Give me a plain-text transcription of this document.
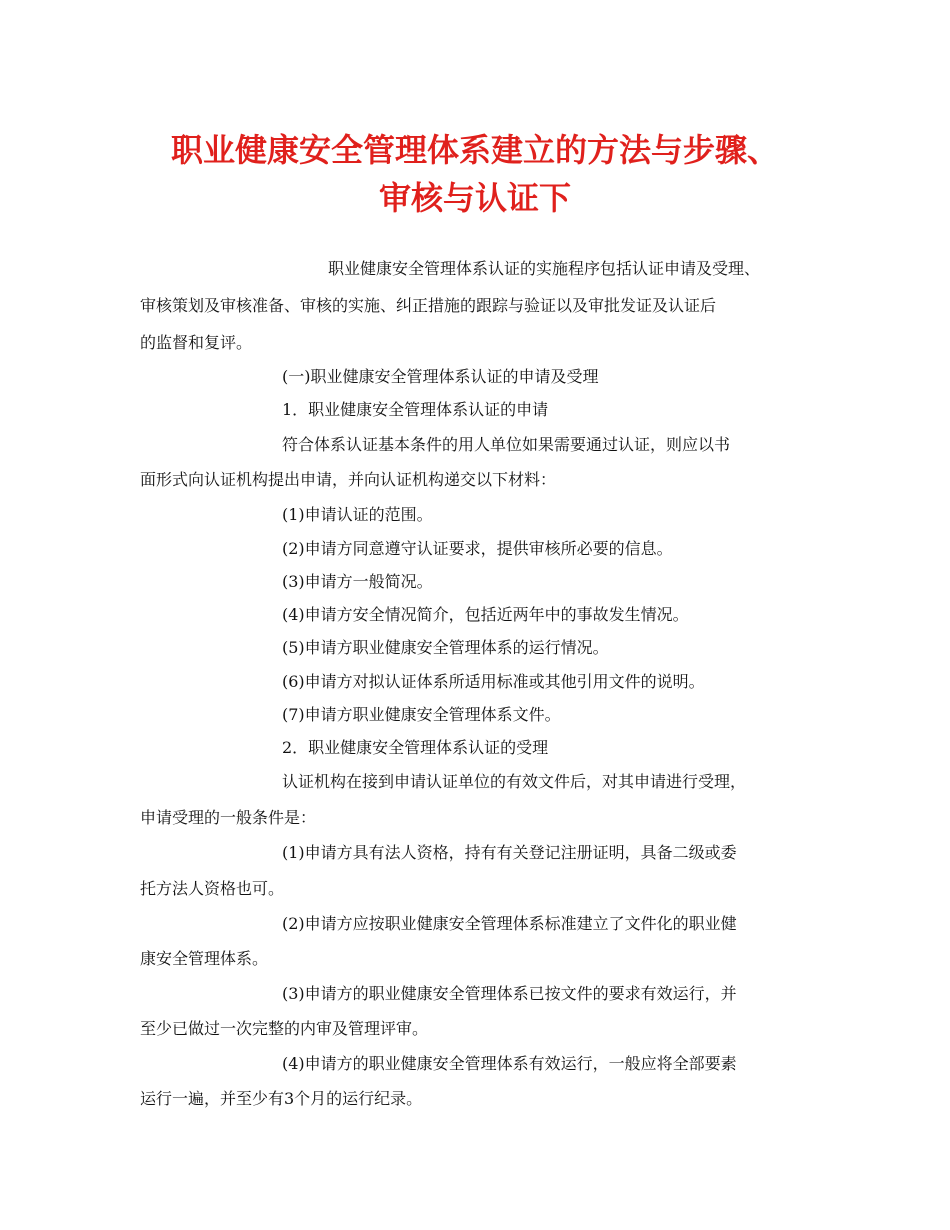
职业健康安全管理体系建立的方法与步骤、
审核与认证下
职业健康安全管理体系认证的实施程序包括认证申请及受理、
审核策划及审核准备、审核的实施、纠正措施的跟踪与验证以及审批发证及认证后
的监督和复评。
(一)职业健康安全管理体系认证的申请及受理
1．职业健康安全管理体系认证的申请
符合体系认证基本条件的用人单位如果需要通过认证，则应以书
面形式向认证机构提出申请，并向认证机构递交以下材料：
(1)申请认证的范围。
(2)申请方同意遵守认证要求，提供审核所必要的信息。
(3)申请方一般简况。
(4)申请方安全情况简介，包括近两年中的事故发生情况。
(5)申请方职业健康安全管理体系的运行情况。
(6)申请方对拟认证体系所适用标准或其他引用文件的说明。
(7)申请方职业健康安全管理体系文件。
2．职业健康安全管理体系认证的受理
认证机构在接到申请认证单位的有效文件后，对其申请进行受理，
申请受理的一般条件是：
(1)申请方具有法人资格，持有有关登记注册证明，具备二级或委
托方法人资格也可。
(2)申请方应按职业健康安全管理体系标准建立了文件化的职业健
康安全管理体系。
(3)申请方的职业健康安全管理体系已按文件的要求有效运行，并
至少已做过一次完整的内审及管理评审。
(4)申请方的职业健康安全管理体系有效运行，一般应将全部要素
运行一遍，并至少有3个月的运行纪录。
